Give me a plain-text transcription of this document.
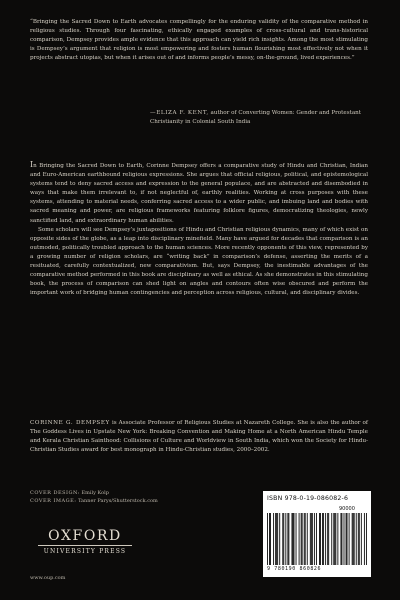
“Bringing the Sacred Down to Earth advocates compellingly for the enduring validity of the comparative method in religious studies. Through four fascinating, ethically engaged examples of cross-cultural and trans-historical comparison, Dempsey provides ample evidence that this approach can yield rich insights. Among the most stimulating is Dempsey’s argument that religion is most empowering and fosters human flourishing most effectively not when it projects abstract utopias, but when it arises out of and informs people’s messy, on-the-ground, lived experiences.”

—ELIZA F. KENT, author of Converting Women: Gender and Protestant Christianity in Colonial South India

In Bringing the Sacred Down to Earth, Corinne Dempsey offers a comparative study of Hindu and Christian, Indian and Euro-American earthbound religious expressions. She argues that official religious, political, and epistemological systems tend to deny sacred access and expression to the general populace, and are abstracted and disembodied in ways that make them irrelevant to, if not neglectful of, earthly realities. Working at cross purposes with these systems, attending to material needs, conferring sacred access to a wider public, and imbuing land and bodies with sacred meaning and power, are religious frameworks featuring folklore figures, democratizing theologies, newly sanctified land, and extraordinary human abilities.

Some scholars will see Dempsey’s juxtapositions of Hindu and Christian religious dynamics, many of which exist on opposite sides of the globe, as a leap into disciplinary minefield. Many have argued for decades that comparison is an outmoded, politically troubled approach to the human sciences. More recently opponents of this view, represented by a growing number of religion scholars, are “writing back” in comparison’s defense, asserting the merits of a resituated, carefully contextualized, new comparativism. But, says Dempsey, the inestimable advantages of the comparative method performed in this book are disciplinary as well as ethical. As she demonstrates in this stimulating book, the process of comparison can shed light on angles and contours often wise obscured and perform the important work of bridging human contingencies and perception across religious, cultural, and disciplinary divides.

CORINNE G. DEMPSEY is Associate Professor of Religious Studies at Nazareth College. She is also the author of The Goddess Lives in Upstate New York: Breaking Convention and Making Home at a North American Hindu Temple and Kerala Christian Sainthood: Collisions of Culture and Worldview in South India, which won the Society for Hindu-Christian Studies award for best monograph in Hindu-Christian studies, 2000–2002.
COVER DESIGN: Emily Kolp
COVER IMAGE: Tanner Parys/Shutterstock.com
OXFORD
UNIVERSITY PRESS
www.oup.com
ISBN 978-0-19-086082-6
90000
9 780190 860826
